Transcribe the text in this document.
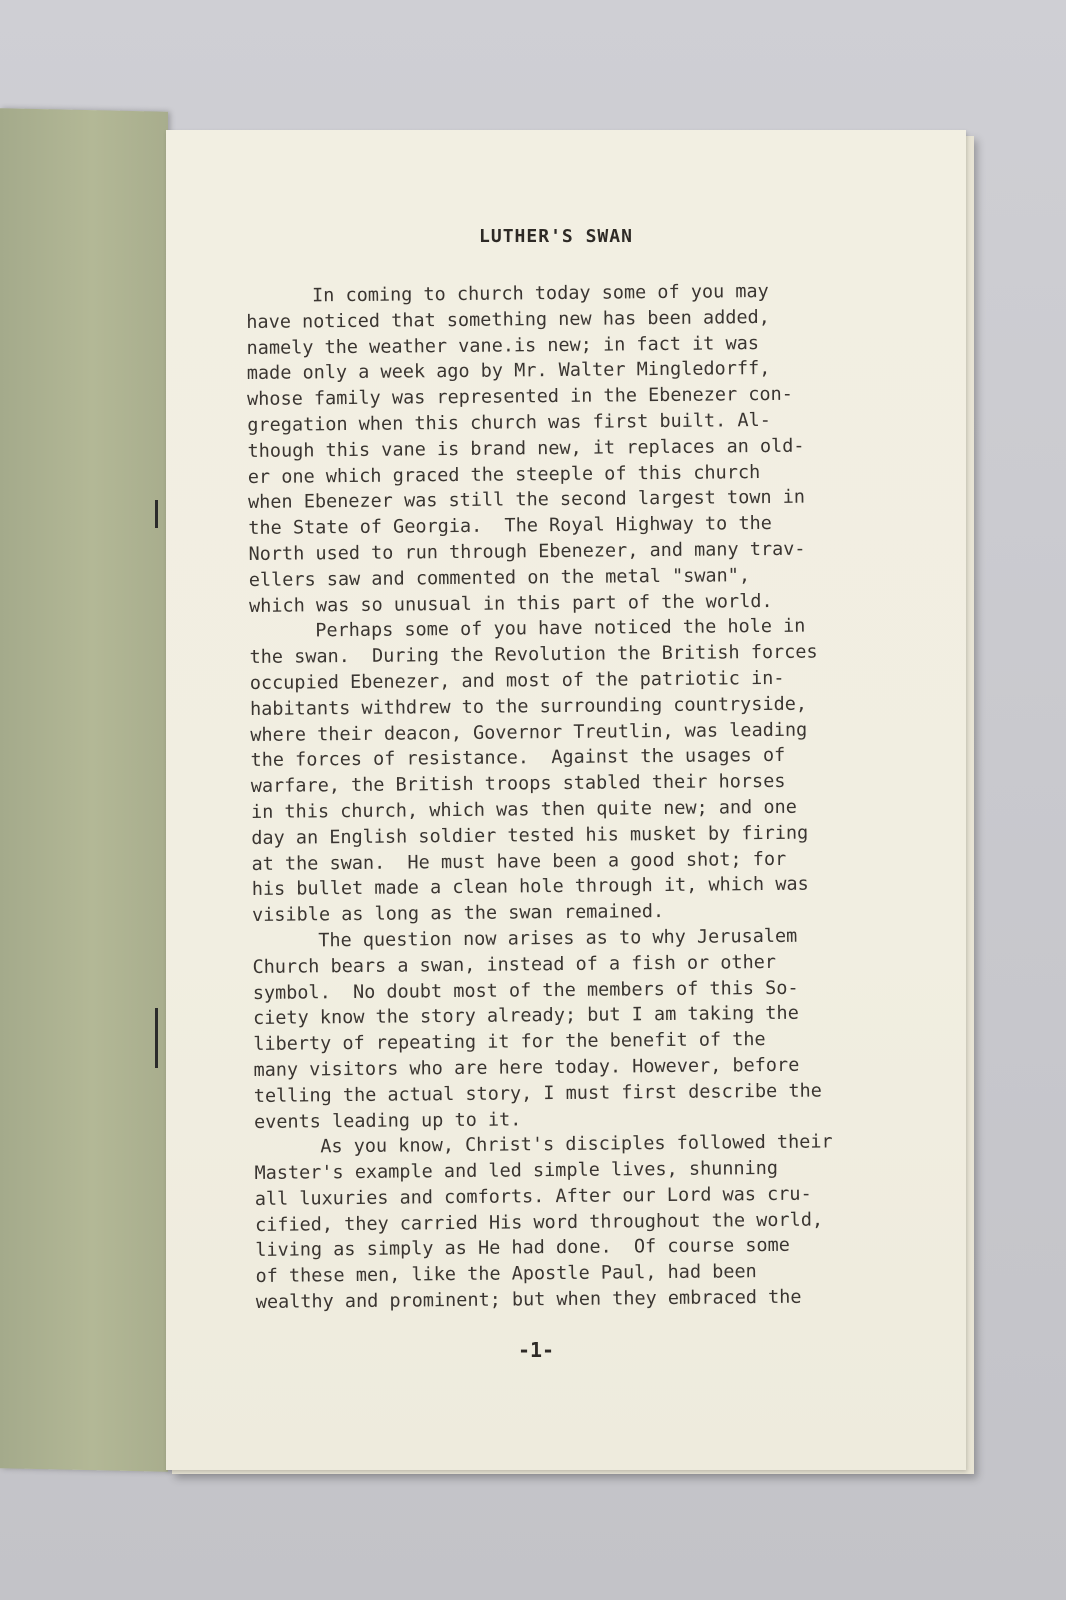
LUTHER'S SWAN
In coming to church today some of you may
have noticed that something new has been added,
namely the weather vane.is new; in fact it was
made only a week ago by Mr. Walter Mingledorff,
whose family was represented in the Ebenezer con-
gregation when this church was first built. Al-
though this vane is brand new, it replaces an old-
er one which graced the steeple of this church
when Ebenezer was still the second largest town in
the State of Georgia.  The Royal Highway to the
North used to run through Ebenezer, and many trav-
ellers saw and commented on the metal "swan",
which was so unusual in this part of the world.
Perhaps some of you have noticed the hole in
the swan.  During the Revolution the British forces
occupied Ebenezer, and most of the patriotic in-
habitants withdrew to the surrounding countryside,
where their deacon, Governor Treutlin, was leading
the forces of resistance.  Against the usages of
warfare, the British troops stabled their horses
in this church, which was then quite new; and one
day an English soldier tested his musket by firing
at the swan.  He must have been a good shot; for
his bullet made a clean hole through it, which was
visible as long as the swan remained.
The question now arises as to why Jerusalem
Church bears a swan, instead of a fish or other
symbol.  No doubt most of the members of this So-
ciety know the story already; but I am taking the
liberty of repeating it for the benefit of the
many visitors who are here today. However, before
telling the actual story, I must first describe the
events leading up to it.
As you know, Christ's disciples followed their
Master's example and led simple lives, shunning
all luxuries and comforts. After our Lord was cru-
cified, they carried His word throughout the world,
living as simply as He had done.  Of course some
of these men, like the Apostle Paul, had been
wealthy and prominent; but when they embraced the
-1-
